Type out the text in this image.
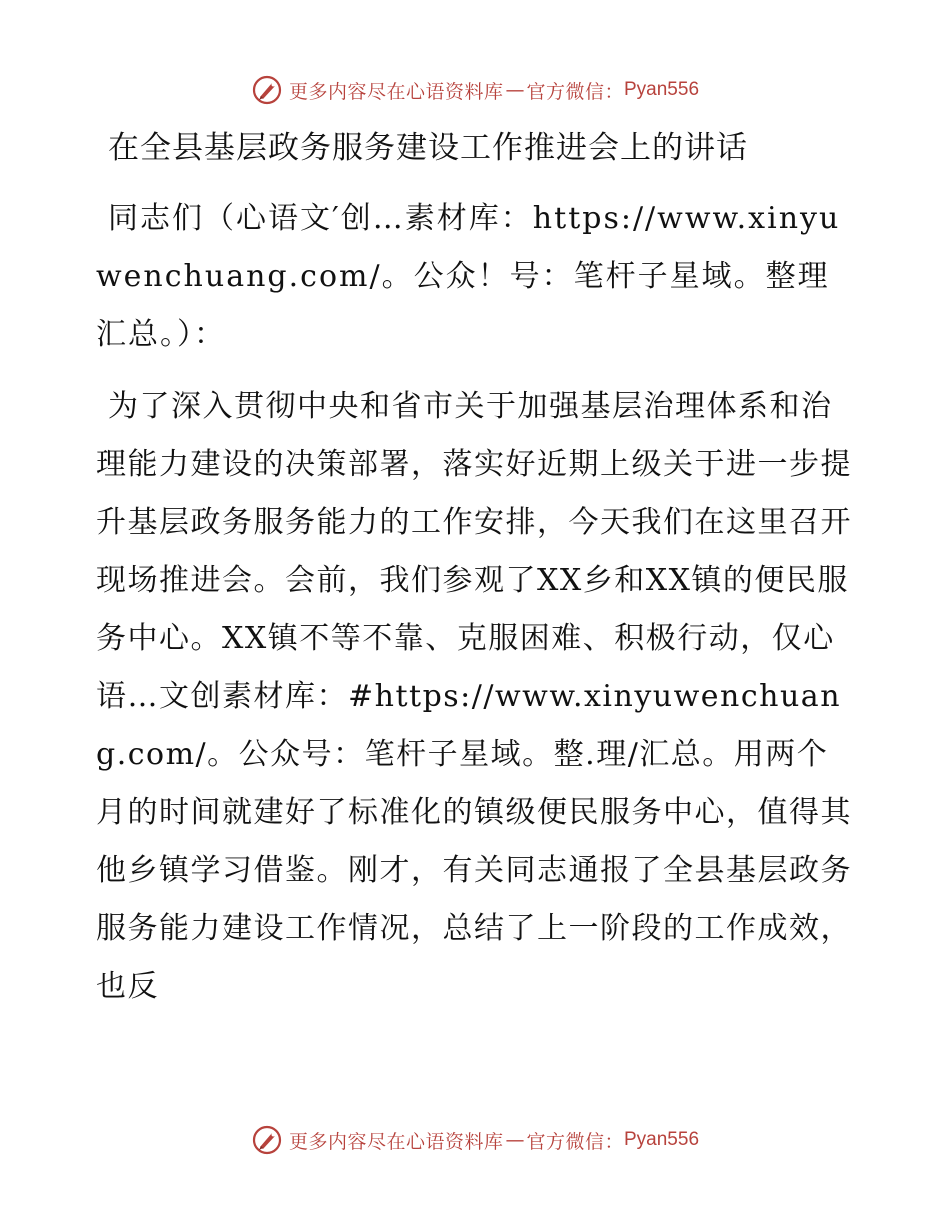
更多内容尽在心语资料库 — 官方微信： Pyan556
在全县基层政务服务建设工作推进会上的讲话

同志们（心语文′创…素材库：https://www.xinyuwenchuang.com/。公众！号：笔杆子星域。整理汇总。）：

为了深入贯彻中央和省市关于加强基层治理体系和治理能力建设的决策部署，落实好近期上级关于进一步提升基层政务服务能力的工作安排，今天我们在这里召开现场推进会。会前，我们参观了XX乡和XX镇的便民服务中心。XX镇不等不靠、克服困难、积极行动，仅心语…文创素材库：#https://www.xinyuwenchuang.com/。公众号：笔杆子星域。整.理/汇总。用两个月的时间就建好了标准化的镇级便民服务中心，值得其他乡镇学习借鉴。刚才，有关同志通报了全县基层政务服务能力建设工作情况，总结了上一阶段的工作成效，也反

更多内容尽在心语资料库 — 官方微信： Pyan556
